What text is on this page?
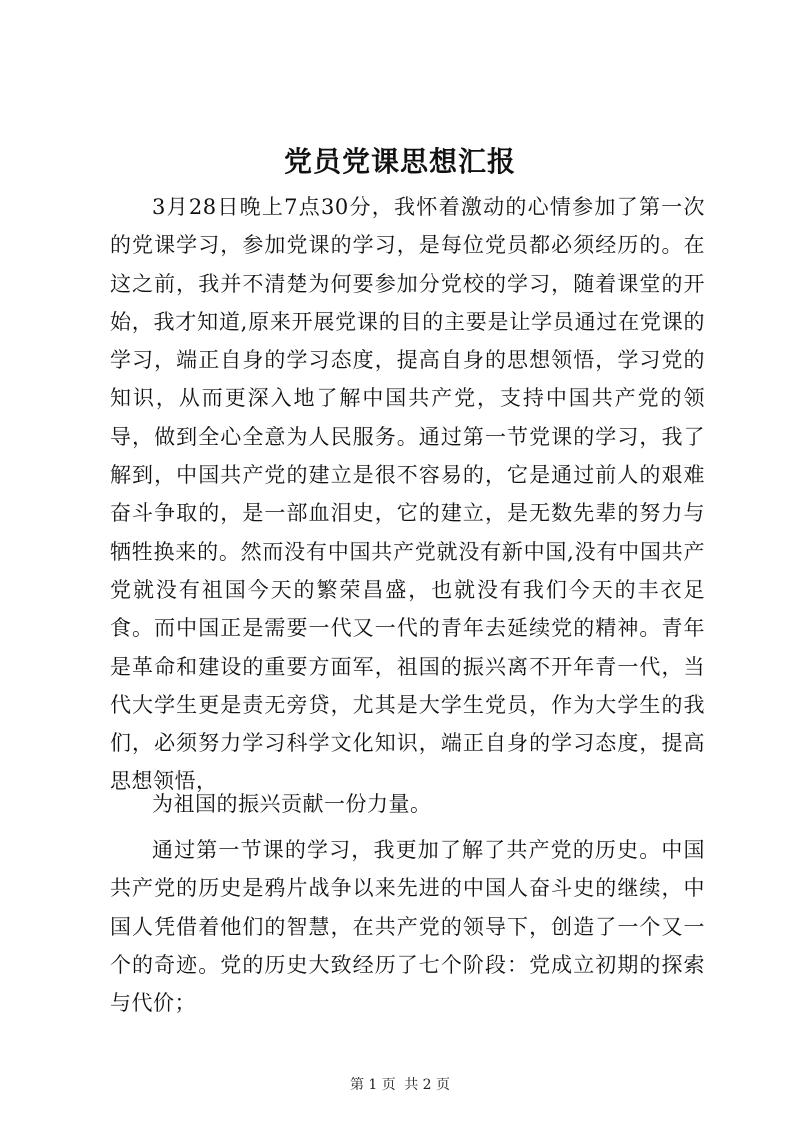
党员党课思想汇报

3月28日晚上7点30分，我怀着激动的心情参加了第一次的党课学习，参加党课的学习，是每位党员都必须经历的。在这之前，我并不清楚为何要参加分党校的学习，随着课堂的开始，我才知道,原来开展党课的目的主要是让学员通过在党课的学习，端正自身的学习态度，提高自身的思想领悟，学习党的知识，从而更深入地了解中国共产党，支持中国共产党的领导，做到全心全意为人民服务。通过第一节党课的学习，我了解到，中国共产党的建立是很不容易的，它是通过前人的艰难奋斗争取的，是一部血泪史，它的建立，是无数先辈的努力与牺牲换来的。然而没有中国共产党就没有新中国,没有中国共产党就没有祖国今天的繁荣昌盛，也就没有我们今天的丰衣足食。而中国正是需要一代又一代的青年去延续党的精神。青年是革命和建设的重要方面军，祖国的振兴离不开年青一代，当代大学生更是责无旁贷，尤其是大学生党员，作为大学生的我们，必须努力学习科学文化知识，端正自身的学习态度，提高思想领悟，

为祖国的振兴贡献一份力量。

通过第一节课的学习，我更加了解了共产党的历史。中国共产党的历史是鸦片战争以来先进的中国人奋斗史的继续，中国人凭借着他们的智慧，在共产党的领导下，创造了一个又一个的奇迹。党的历史大致经历了七个阶段：党成立初期的探索与代价；

第 1 页 共 2 页
